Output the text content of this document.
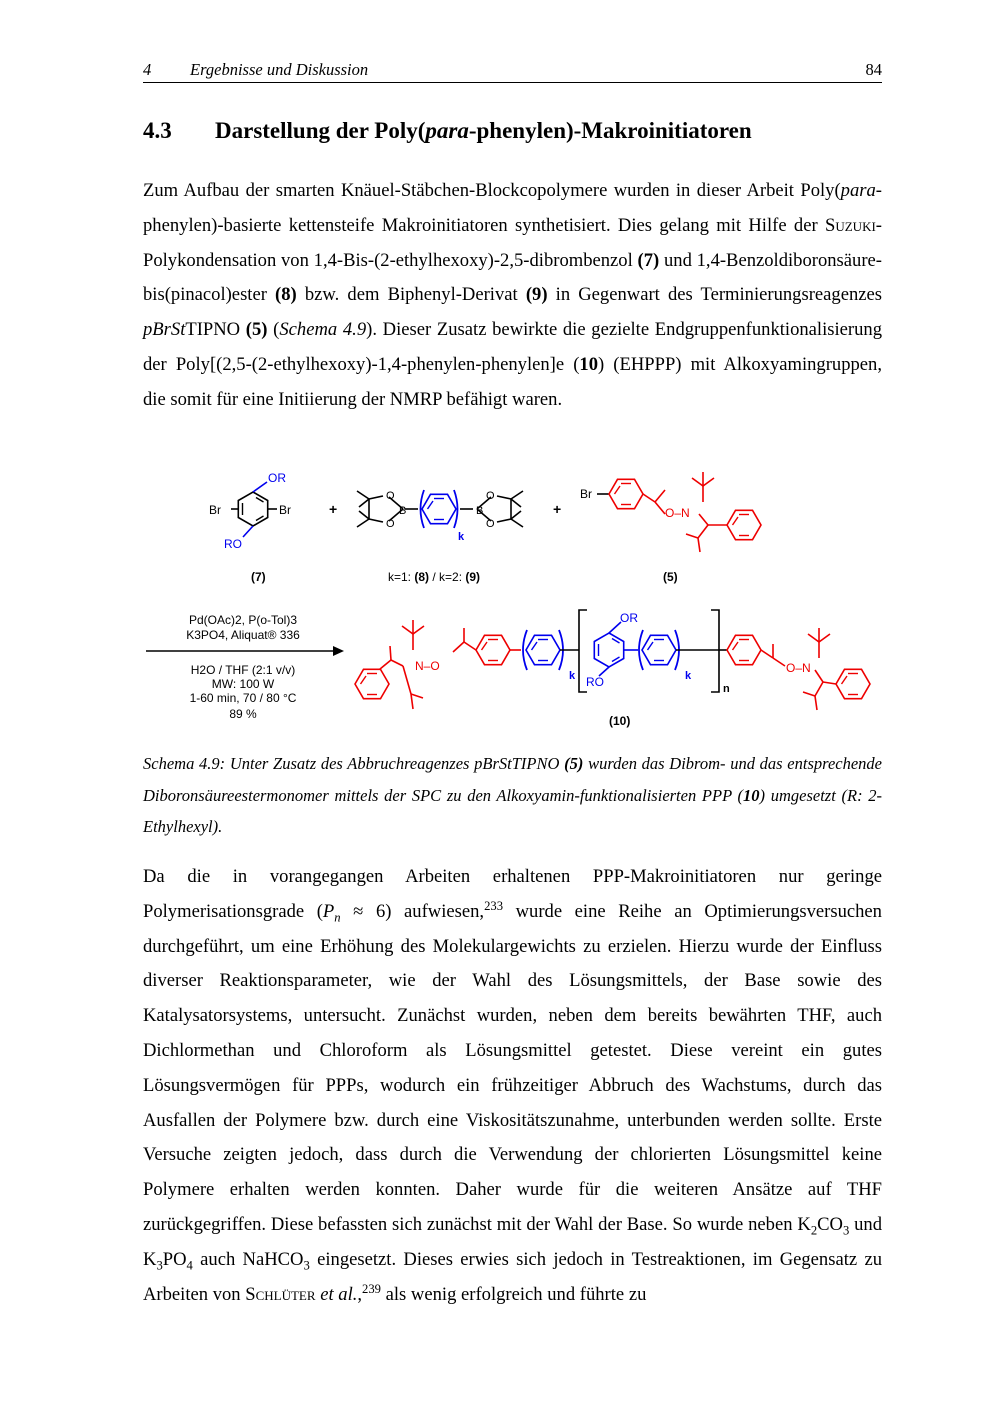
4 Ergebnisse und Diskussion	84
4.3 Darstellung der Poly(para-phenylen)-Makroinitiatoren

Zum Aufbau der smarten Knäuel-Stäbchen-Blockcopolymere wurden in dieser Arbeit Poly(para-phenylen)-basierte kettensteife Makroinitiatoren synthetisiert. Dies gelang mit Hilfe der Suzuki-Polykondensation von 1,4-Bis-(2-ethylhexoxy)-2,5-dibrombenzol (7) und 1,4-Benzoldiboronsäure-bis(pinacol)ester (8) bzw. dem Biphenyl-Derivat (9) in Gegenwart des Terminierungsreagenzes pBrStTIPNO (5) (Schema 4.9). Dieser Zusatz bewirkte die gezielte Endgruppenfunktionalisierung der Poly[(2,5-(2-ethylhexoxy)-1,4-phenylen-phenylen]e (10) (EHPPP) mit Alkoxyamingruppen, die somit für eine Initiierung der NMRP befähigt waren.

Br	Br
OR
RO
+
O
O
B	B
O
O
k
+
Br
O–N
(7)	k=1: (8) / k=2: (9)	(5)
Pd(OAc)2, P(o-Tol)3
K3PO4, Aliquat® 336
H2O / THF (2:1 v/v)
MW: 100 W
1-60 min, 70 / 80 °C
89 %
N–O
k
OR
RO	k
n
O–N
(10)

Schema 4.9: Unter Zusatz des Abbruchreagenzes pBrStTIPNO (5) wurden das Dibrom- und das entsprechende Diboronsäureestermonomer mittels der SPC zu den Alkoxyamin-funktionalisierten PPP (10) umgesetzt (R: 2-Ethylhexyl).

Da die in vorangegangen Arbeiten erhaltenen PPP-Makroinitiatoren nur geringe Polymerisationsgrade $(P_n \approx 6)$ aufwiesen,$^{233}$ wurde eine Reihe an Optimierungsversuchen durchgeführt, um eine Erhöhung des Molekulargewichts zu erzielen. Hierzu wurde der Einfluss diverser Reaktionsparameter, wie der Wahl des Lösungsmittels, der Base sowie des Katalysatorsystems, untersucht. Zunächst wurden, neben dem bereits bewährten THF, auch Dichlormethan und Chloroform als Lösungsmittel getestet. Diese vereint ein gutes Lösungsvermögen für PPPs, wodurch ein frühzeitiger Abbruch des Wachstums, durch das Ausfallen der Polymere bzw. durch eine Viskositätszunahme, unterbunden werden sollte. Erste Versuche zeigten jedoch, dass durch die Verwendung der chlorierten Lösungsmittel keine Polymere erhalten werden konnten. Daher wurde für die weiteren Ansätze auf THF zurückgegriffen. Diese befassten sich zunächst mit der Wahl der Base. So wurde neben $K_2CO_3$ und $K_3PO_4$ auch NaHCO$_3$ eingesetzt. Dieses erwies sich jedoch in Testreaktionen, im Gegensatz zu Arbeiten von Schlüter et al.,$^{239}$ als wenig erfolgreich und führte zu
